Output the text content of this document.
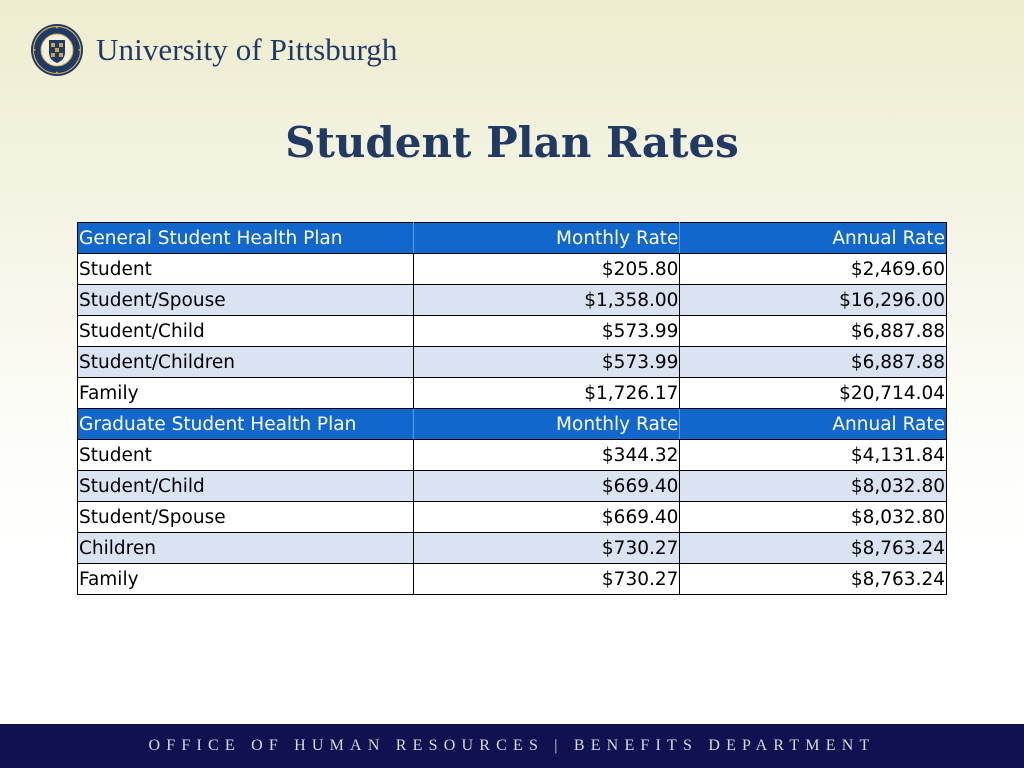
University of Pittsburgh
Student Plan Rates
General Student Health Plan	Monthly Rate	Annual Rate
Student	$205.80	$2,469.60
Student/Spouse	$1,358.00	$16,296.00
Student/Child	$573.99	$6,887.88
Student/Children	$573.99	$6,887.88
Family	$1,726.17	$20,714.04
Graduate Student Health Plan	Monthly Rate	Annual Rate
Student	$344.32	$4,131.84
Student/Child	$669.40	$8,032.80
Student/Spouse	$669.40	$8,032.80
Children	$730.27	$8,763.24
Family	$730.27	$8,763.24
OFFICE OF HUMAN RESOURCES | BENEFITS DEPARTMENT
